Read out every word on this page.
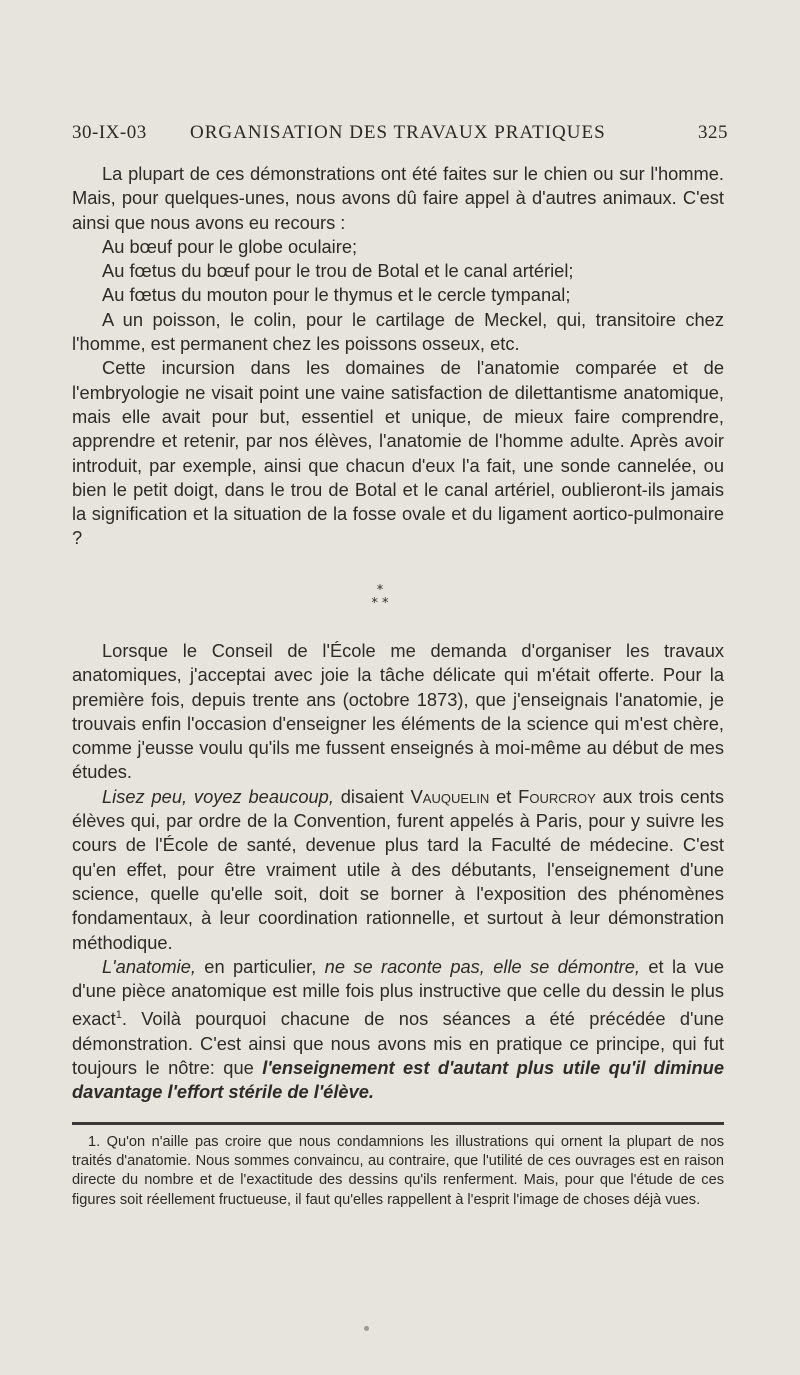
30-IX-03 ORGANISATION DES TRAVAUX PRATIQUES	325

La plupart de ces démonstrations ont été faites sur le chien ou sur l'homme. Mais, pour quelques-unes, nous avons dû faire appel à d'autres animaux. C'est ainsi que nous avons eu recours :

Au bœuf pour le globe oculaire;

Au fœtus du bœuf pour le trou de Botal et le canal artériel;

Au fœtus du mouton pour le thymus et le cercle tympanal;

A un poisson, le colin, pour le cartilage de Meckel, qui, transitoire chez l'homme, est permanent chez les poissons osseux, etc.

Cette incursion dans les domaines de l'anatomie comparée et de l'embryologie ne visait point une vaine satisfaction de dilettantisme anatomique, mais elle avait pour but, essentiel et unique, de mieux faire comprendre, apprendre et retenir, par nos élèves, l'anatomie de l'homme adulte. Après avoir introduit, par exemple, ainsi que chacun d'eux l'a fait, une sonde cannelée, ou bien le petit doigt, dans le trou de Botal et le canal artériel, oublieront-ils jamais la signification et la situation de la fosse ovale et du ligament aortico-pulmonaire ?

*
* *

Lorsque le Conseil de l'École me demanda d'organiser les travaux anatomiques, j'acceptai avec joie la tâche délicate qui m'était offerte. Pour la première fois, depuis trente ans (octobre 1873), que j'enseignais l'anatomie, je trouvais enfin l'occasion d'enseigner les éléments de la science qui m'est chère, comme j'eusse voulu qu'ils me fussent enseignés à moi-même au début de mes études.

Lisez peu, voyez beaucoup, disaient Vauquelin et Fourcroy aux trois cents élèves qui, par ordre de la Convention, furent appelés à Paris, pour y suivre les cours de l'École de santé, devenue plus tard la Faculté de médecine. C'est qu'en effet, pour être vraiment utile à des débutants, l'enseignement d'une science, quelle qu'elle soit, doit se borner à l'exposition des phénomènes fondamentaux, à leur coordination rationnelle, et surtout à leur démonstration méthodique.

L'anatomie, en particulier, ne se raconte pas, elle se démontre, et la vue d'une pièce anatomique est mille fois plus instructive que celle du dessin le plus exact$^1$. Voilà pourquoi chacune de nos séances a été précédée d'une démonstration. C'est ainsi que nous avons mis en pratique ce principe, qui fut toujours le nôtre: que l'enseignement est d'autant plus utile qu'il diminue davantage l'effort stérile de l'élève.

1. Qu'on n'aille pas croire que nous condamnions les illustrations qui ornent la plupart de nos traités d'anatomie. Nous sommes convaincu, au contraire, que l'utilité de ces ouvrages est en raison directe du nombre et de l'exactitude des dessins qu'ils renferment. Mais, pour que l'étude de ces figures soit réellement fructueuse, il faut qu'elles rappellent à l'esprit l'image de choses déjà vues.
